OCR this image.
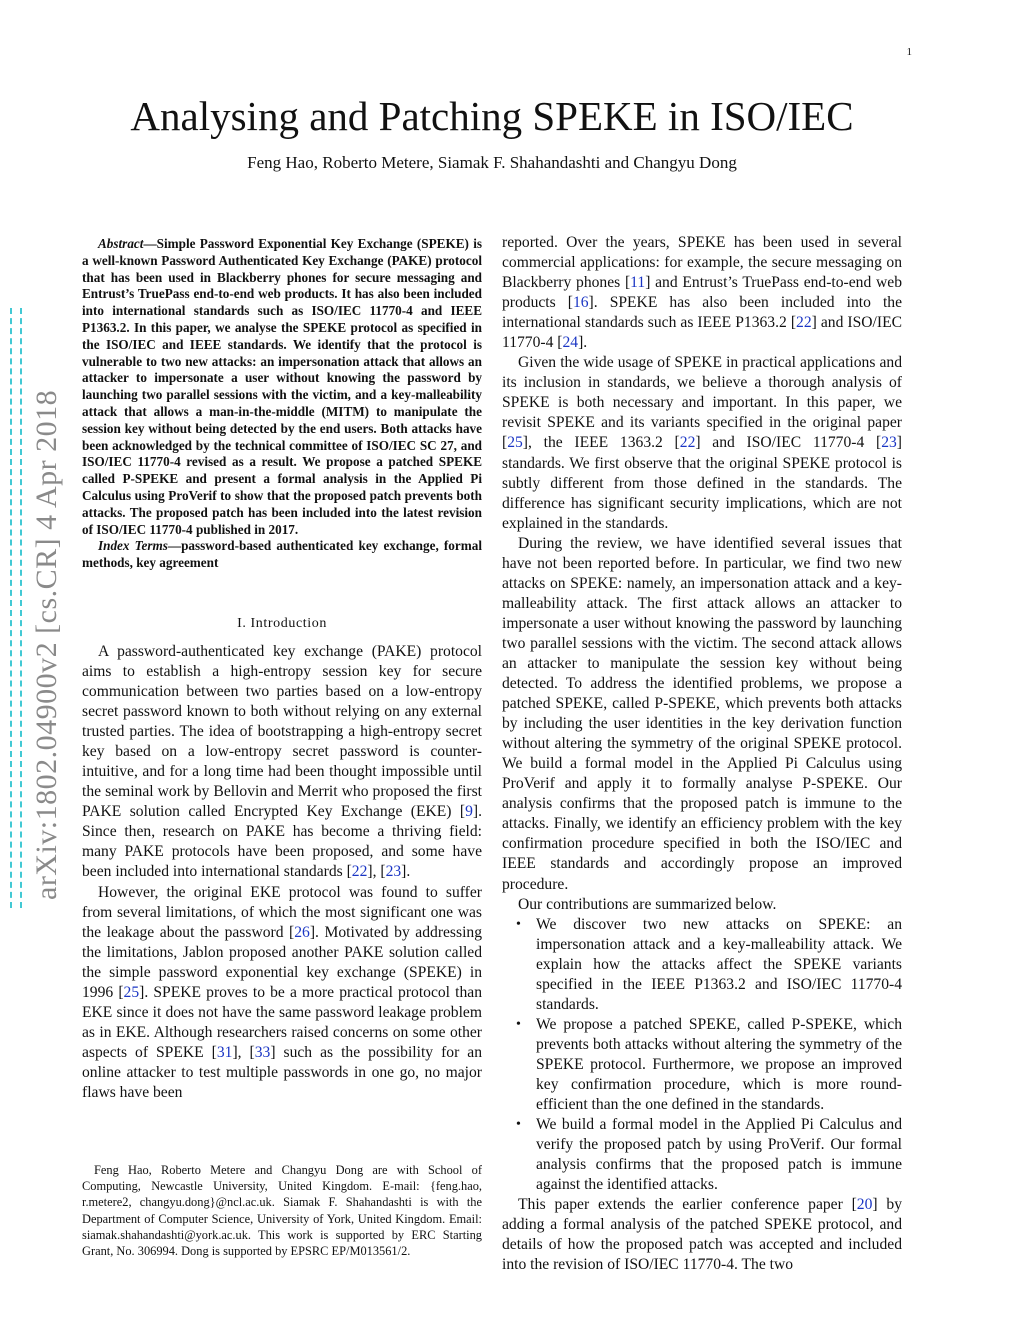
1
arXiv:1802.04900v2 [cs.CR] 4 Apr 2018
Analysing and Patching SPEKE in ISO/IEC
Feng Hao, Roberto Metere, Siamak F. Shahandashti and Changyu Dong

Abstract—Simple Password Exponential Key Exchange (SPEKE) is a well-known Password Authenticated Key Exchange (PAKE) protocol that has been used in Blackberry phones for secure messaging and Entrust’s TruePass end-to-end web products. It has also been included into international standards such as ISO/IEC 11770-4 and IEEE P1363.2. In this paper, we analyse the SPEKE protocol as specified in the ISO/IEC and IEEE standards. We identify that the protocol is vulnerable to two new attacks: an impersonation attack that allows an attacker to impersonate a user without knowing the password by launching two parallel sessions with the victim, and a key-malleability attack that allows a man-in-the-middle (MITM) to manipulate the session key without being detected by the end users. Both attacks have been acknowledged by the technical committee of ISO/IEC SC 27, and ISO/IEC 11770-4 revised as a result. We propose a patched SPEKE called P-SPEKE and present a formal analysis in the Applied Pi Calculus using ProVerif to show that the proposed patch prevents both attacks. The proposed patch has been included into the latest revision of ISO/IEC 11770-4 published in 2017.

Index Terms—password-based authenticated key exchange, formal methods, key agreement

I. Introduction

A password-authenticated key exchange (PAKE) protocol aims to establish a high-entropy session key for secure communication between two parties based on a low-entropy secret password known to both without relying on any external trusted parties. The idea of bootstrapping a high-entropy secret key based on a low-entropy secret password is counter-intuitive, and for a long time had been thought impossible until the seminal work by Bellovin and Merrit who proposed the first PAKE solution called Encrypted Key Exchange (EKE) [9]. Since then, research on PAKE has become a thriving field: many PAKE protocols have been proposed, and some have been included into international standards [22], [23].

However, the original EKE protocol was found to suffer from several limitations, of which the most significant one was the leakage about the password [26]. Motivated by addressing the limitations, Jablon proposed another PAKE solution called the simple password exponential key exchange (SPEKE) in 1996 [25]. SPEKE proves to be a more practical protocol than EKE since it does not have the same password leakage problem as in EKE. Although researchers raised concerns on some other aspects of SPEKE [31], [33] such as the possibility for an online attacker to test multiple passwords in one go, no major flaws have been

Feng Hao, Roberto Metere and Changyu Dong are with School of Computing, Newcastle University, United Kingdom. E-mail: {feng.hao, r.metere2, changyu.dong}@ncl.ac.uk. Siamak F. Shahandashti is with the Department of Computer Science, University of York, United Kingdom. Email: siamak.shahandashti@york.ac.uk. This work is supported by ERC Starting Grant, No. 306994. Dong is supported by EPSRC EP/M013561/2.

reported. Over the years, SPEKE has been used in several commercial applications: for example, the secure messaging on Blackberry phones [11] and Entrust’s TruePass end-to-end web products [16]. SPEKE has also been included into the international standards such as IEEE P1363.2 [22] and ISO/IEC 11770-4 [24].

Given the wide usage of SPEKE in practical applications and its inclusion in standards, we believe a thorough analysis of SPEKE is both necessary and important. In this paper, we revisit SPEKE and its variants specified in the original paper [25], the IEEE 1363.2 [22] and ISO/IEC 11770-4 [23] standards. We first observe that the original SPEKE protocol is subtly different from those defined in the standards. The difference has significant security implications, which are not explained in the standards.

During the review, we have identified several issues that have not been reported before. In particular, we find two new attacks on SPEKE: namely, an impersonation attack and a key-malleability attack. The first attack allows an attacker to impersonate a user without knowing the password by launching two parallel sessions with the victim. The second attack allows an attacker to manipulate the session key without being detected. To address the identified problems, we propose a patched SPEKE, called P-SPEKE, which prevents both attacks by including the user identities in the key derivation function without altering the symmetry of the original SPEKE protocol. We build a formal model in the Applied Pi Calculus using ProVerif and apply it to formally analyse P-SPEKE. Our analysis confirms that the proposed patch is immune to the attacks. Finally, we identify an efficiency problem with the key confirmation procedure specified in both the ISO/IEC and IEEE standards and accordingly propose an improved procedure.

Our contributions are summarized below.

• We discover two new attacks on SPEKE: an impersonation attack and a key-malleability attack. We explain how the attacks affect the SPEKE variants specified in the IEEE P1363.2 and ISO/IEC 11770-4 standards.
• We propose a patched SPEKE, called P-SPEKE, which prevents both attacks without altering the symmetry of the SPEKE protocol. Furthermore, we propose an improved key confirmation procedure, which is more round-efficient than the one defined in the standards.
• We build a formal model in the Applied Pi Calculus and verify the proposed patch by using ProVerif. Our formal analysis confirms that the proposed patch is immune against the identified attacks.

This paper extends the earlier conference paper [20] by adding a formal analysis of the patched SPEKE protocol, and details of how the proposed patch was accepted and included into the revision of ISO/IEC 11770-4. The two
